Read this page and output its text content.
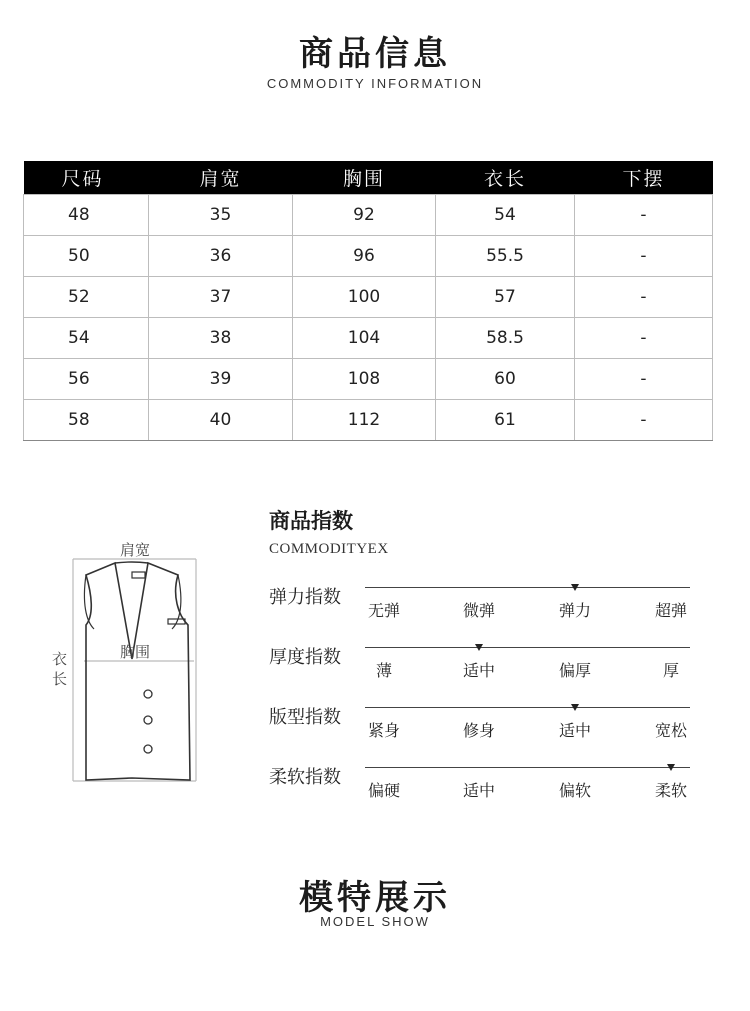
商品信息
COMMODITY INFORMATION
尺码	肩宽	胸围	衣长	下摆
48	35	92	54	-
50	36	96	55.5	-
52	37	100	57	-
54	38	104	58.5	-
56	39	108	60	-
58	40	112	61	-
肩宽
胸围
衣
长
商品指数
COMMODITYEX
弹力指数
无弹	微弹	弹力	超弹
厚度指数
薄	适中	偏厚	厚
版型指数
紧身	修身	适中	宽松
柔软指数
偏硬	适中	偏软	柔软
模特展示
MODEL SHOW
